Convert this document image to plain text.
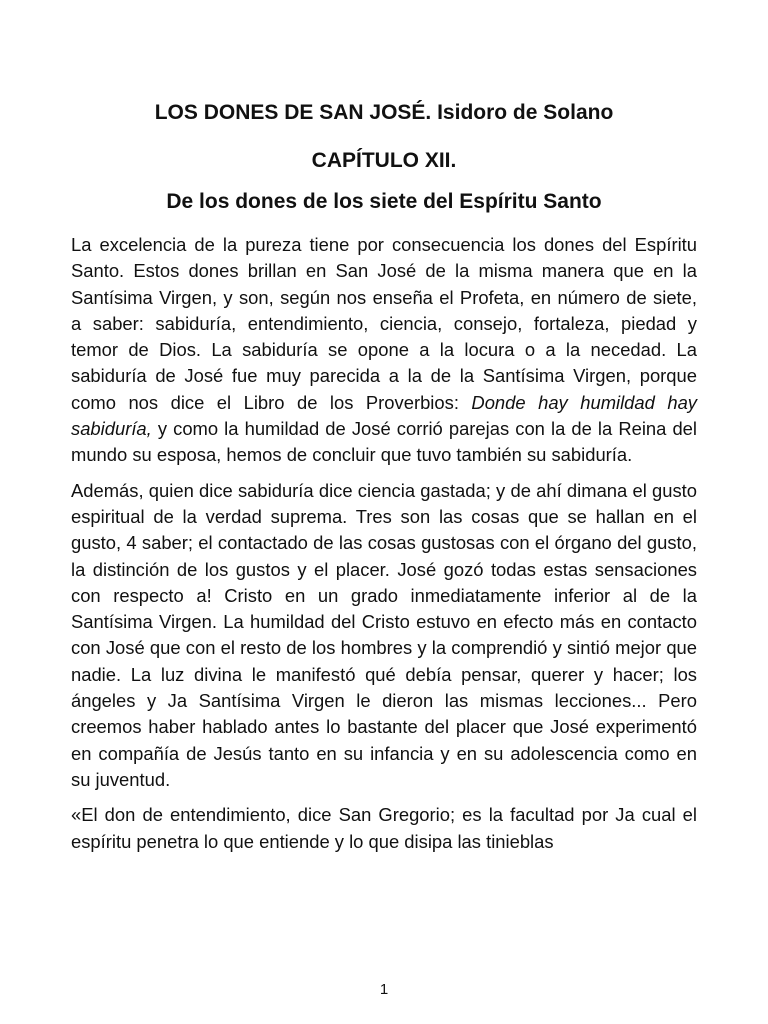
LOS DONES DE SAN JOSÉ. Isidoro de Solano
CAPÍTULO XII.
De los dones de los siete del Espíritu Santo

La excelencia de la pureza tiene por consecuencia los dones del Espíritu Santo. Estos dones brillan en San José de la misma manera que en la Santísima Virgen, y son, según nos enseña el Profeta, en número de siete, a saber: sabiduría, entendimiento, ciencia, consejo, fortaleza, piedad y temor de Dios. La sabiduría se opone a la locura o a la necedad. La sabiduría de José fue muy parecida a la de la Santísima Virgen, porque como nos dice el Libro de los Proverbios: Donde hay humildad hay sabiduría, y como la humildad de José corrió parejas con la de la Reina del mundo su esposa, hemos de concluir que tuvo también su sabiduría.

Además, quien dice sabiduría dice ciencia gastada; y de ahí dimana el gusto espiritual de la verdad suprema. Tres son las cosas que se hallan en el gusto, 4 saber; el contactado de las cosas gustosas con el órgano del gusto, la distinción de los gustos y el placer. José gozó todas estas sensaciones con respecto a! Cristo en un grado inmediatamente inferior al de la Santísima Virgen. La humildad del Cristo estuvo en efecto más en contacto con José que con el resto de los hombres y la comprendió y sintió mejor que nadie. La luz divina le manifestó qué debía pensar, querer y hacer; los ángeles y Ja Santísima Virgen le dieron las mismas lecciones... Pero creemos haber hablado antes lo bastante del placer que José experimentó en compañía de Jesús tanto en su infancia y en su adolescencia como en su juventud.

«El don de entendimiento, dice San Gregorio; es la facultad por Ja cual el espíritu penetra lo que entiende y lo que disipa las tinieblas

1
